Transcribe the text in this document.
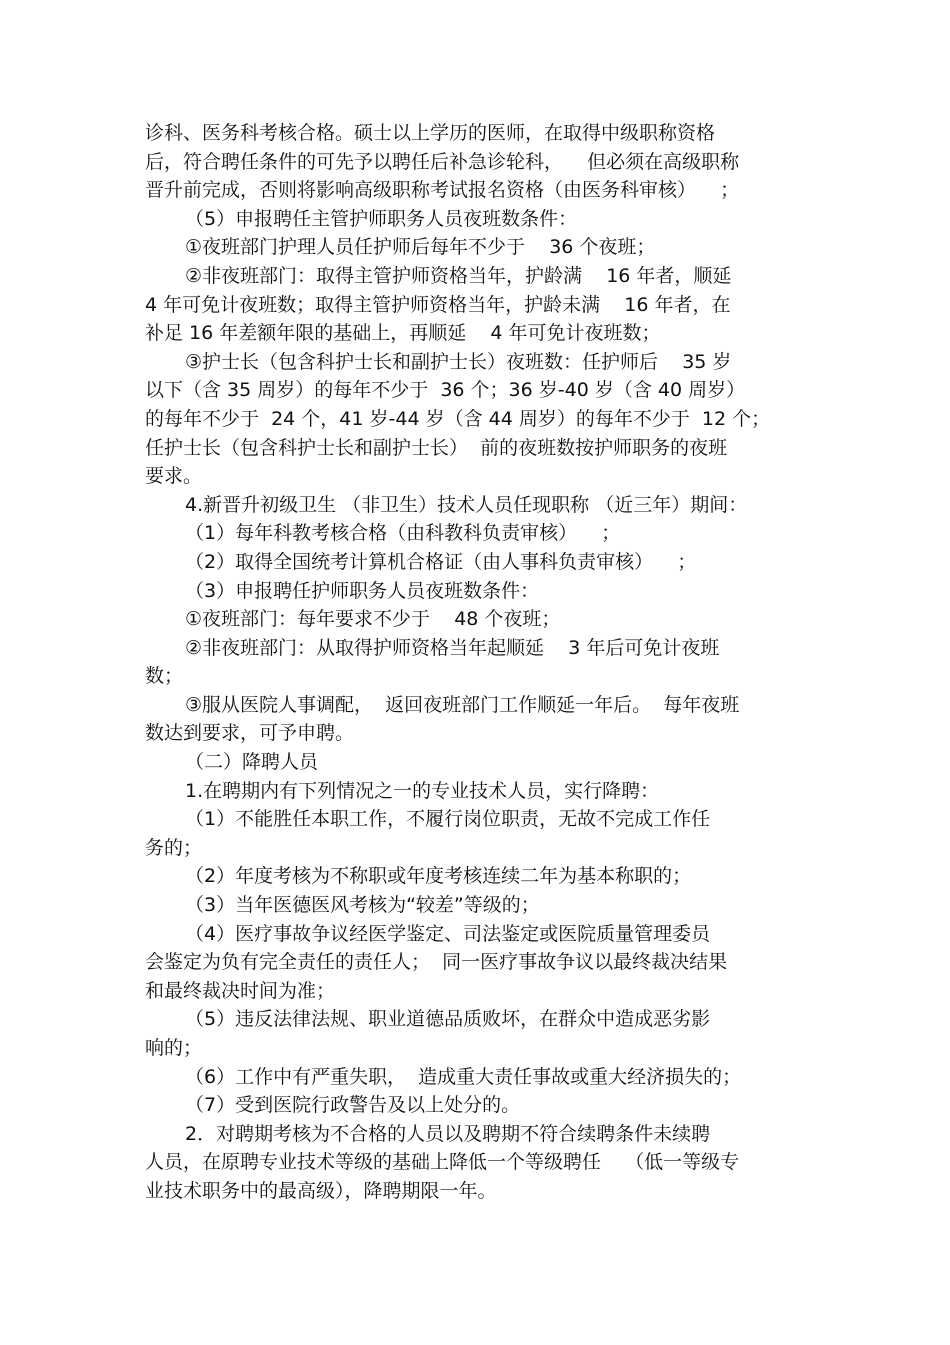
诊科、医务科考核合格。硕士以上学历的医师，在取得中级职称资格
后，符合聘任条件的可先予以聘任后补急诊轮科，    但必须在高级职称
晋升前完成，否则将影响高级职称考试报名资格（由医务科审核）    ；
（5）申报聘任主管护师职务人员夜班数条件：
①夜班部门护理人员任护师后每年不少于    36 个夜班；
②非夜班部门：取得主管护师资格当年，护龄满    16 年者，顺延
4 年可免计夜班数；取得主管护师资格当年，护龄未满    16 年者，在
补足 16 年差额年限的基础上，再顺延    4 年可免计夜班数；
③护士长（包含科护士长和副护士长）夜班数：任护师后    35 岁
以下（含 35 周岁）的每年不少于  36 个；36 岁-40 岁（含 40 周岁）
的每年不少于  24 个，41 岁-44 岁（含 44 周岁）的每年不少于  12 个；
任护士长（包含科护士长和副护士长）  前的夜班数按护师职务的夜班
要求。
4.新晋升初级卫生 （非卫生）技术人员任现职称 （近三年）期间：
（1）每年科教考核合格（由科教科负责审核）    ；
（2）取得全国统考计算机合格证（由人事科负责审核）    ；
（3）申报聘任护师职务人员夜班数条件：
①夜班部门：每年要求不少于    48 个夜班；
②非夜班部门：从取得护师资格当年起顺延    3 年后可免计夜班
数；
③服从医院人事调配，  返回夜班部门工作顺延一年后。  每年夜班
数达到要求，可予申聘。
（二）降聘人员
1.在聘期内有下列情况之一的专业技术人员，实行降聘：
（1）不能胜任本职工作，不履行岗位职责，无故不完成工作任
务的；
（2）年度考核为不称职或年度考核连续二年为基本称职的；
（3）当年医德医风考核为“较差”等级的；
（4）医疗事故争议经医学鉴定、司法鉴定或医院质量管理委员
会鉴定为负有完全责任的责任人；  同一医疗事故争议以最终裁决结果
和最终裁决时间为准；
（5）违反法律法规、职业道德品质败坏，在群众中造成恶劣影
响的；
（6）工作中有严重失职，  造成重大责任事故或重大经济损失的；
（7）受到医院行政警告及以上处分的。
2．对聘期考核为不合格的人员以及聘期不符合续聘条件未续聘
人员，在原聘专业技术等级的基础上降低一个等级聘任    （低一等级专
业技术职务中的最高级），降聘期限一年。
